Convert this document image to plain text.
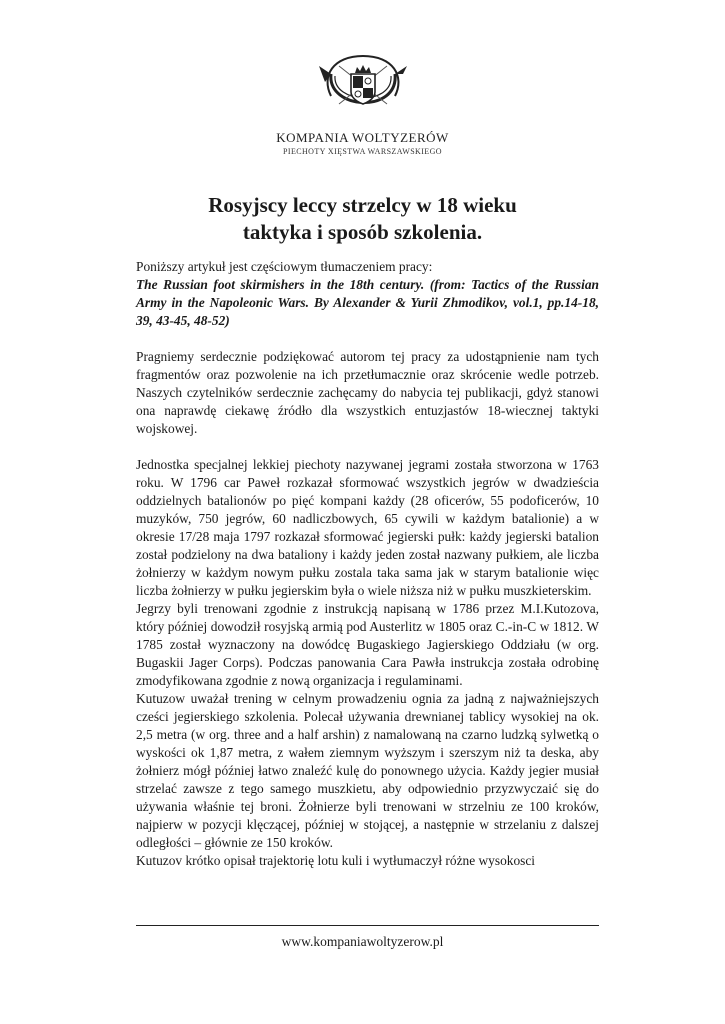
KOMPANIA WOLTYZERÓW
PIECHOTY XIĘSTWA WARSZAWSKIEGO
Rosyjscy leccy strzelcy w 18 wieku
taktyka i sposób szkolenia.

Poniższy artykuł jest częściowym tłumaczeniem pracy:

The Russian foot skirmishers in the 18th century. (from: Tactics of the Russian Army in the Napoleonic Wars. By Alexander & Yurii Zhmodikov, vol.1, pp.14-18, 39, 43-45, 48-52)

Pragniemy serdecznie podziękować autorom tej pracy za udostąpnienie nam tych fragmentów oraz pozwolenie na ich przetłumacznie oraz skrócenie wedle potrzeb. Naszych czytelników serdecznie zachęcamy do nabycia tej publikacji, gdyż stanowi ona naprawdę ciekawę źródło dla wszystkich entuzjastów 18-wiecznej taktyki wojskowej.

Jednostka specjalnej lekkiej piechoty nazywanej jegrami została stworzona w 1763 roku. W 1796 car Paweł rozkazał sformować wszystkich jegrów w dwadzieścia oddzielnych batalionów po pięć kompani każdy (28 oficerów, 55 podoficerów, 10 muzyków, 750 jegrów, 60 nadliczbowych, 65 cywili w każdym batalionie) a w okresie 17/28 maja 1797 rozkazał sformować jegierski pułk: każdy jegierski batalion został podzielony na dwa bataliony i każdy jeden został nazwany pułkiem, ale liczba żołnierzy w każdym nowym pułku zostala taka sama jak w starym batalionie więc liczba żołnierzy w pułku jegierskim była o wiele niższa niż w pułku muszkieterskim.

Jegrzy byli trenowani zgodnie z instrukcją napisaną w 1786 przez M.I.Kutozova, który później dowodził rosyjską armią pod Austerlitz w 1805 oraz C.-in-C w 1812. W 1785 został wyznaczony na dowódcę Bugaskiego Jagierskiego Oddziału (w org. Bugaskii Jager Corps). Podczas panowania Cara Pawła instrukcja została odrobinę zmodyfikowana zgodnie z nową organizacja i regulaminami.

Kutuzow uważał trening w celnym prowadzeniu ognia za jadną z najważniejszych cześci jegierskiego szkolenia. Polecał używania drewnianej tablicy wysokiej na ok. 2,5 metra (w org. three and a half arshin) z namalowaną na czarno ludzką sylwetką o wyskości ok 1,87 metra, z wałem ziemnym wyższym i szerszym niż ta deska, aby żołnierz mógł później łatwo znaleźć kulę do ponownego użycia. Każdy jegier musiał strzelać zawsze z tego samego muszkietu, aby odpowiednio przyzwyczaić się do używania właśnie tej broni. Żołnierze byli trenowani w strzelniu ze 100 kroków, najpierw w pozycji klęczącej, później w stojącej, a następnie w strzelaniu z dalszej odległości – głównie ze 150 kroków.

Kutuzov krótko opisał trajektorię lotu kuli i wytłumaczył różne wysokosci

www.kompaniawoltyzerow.pl
